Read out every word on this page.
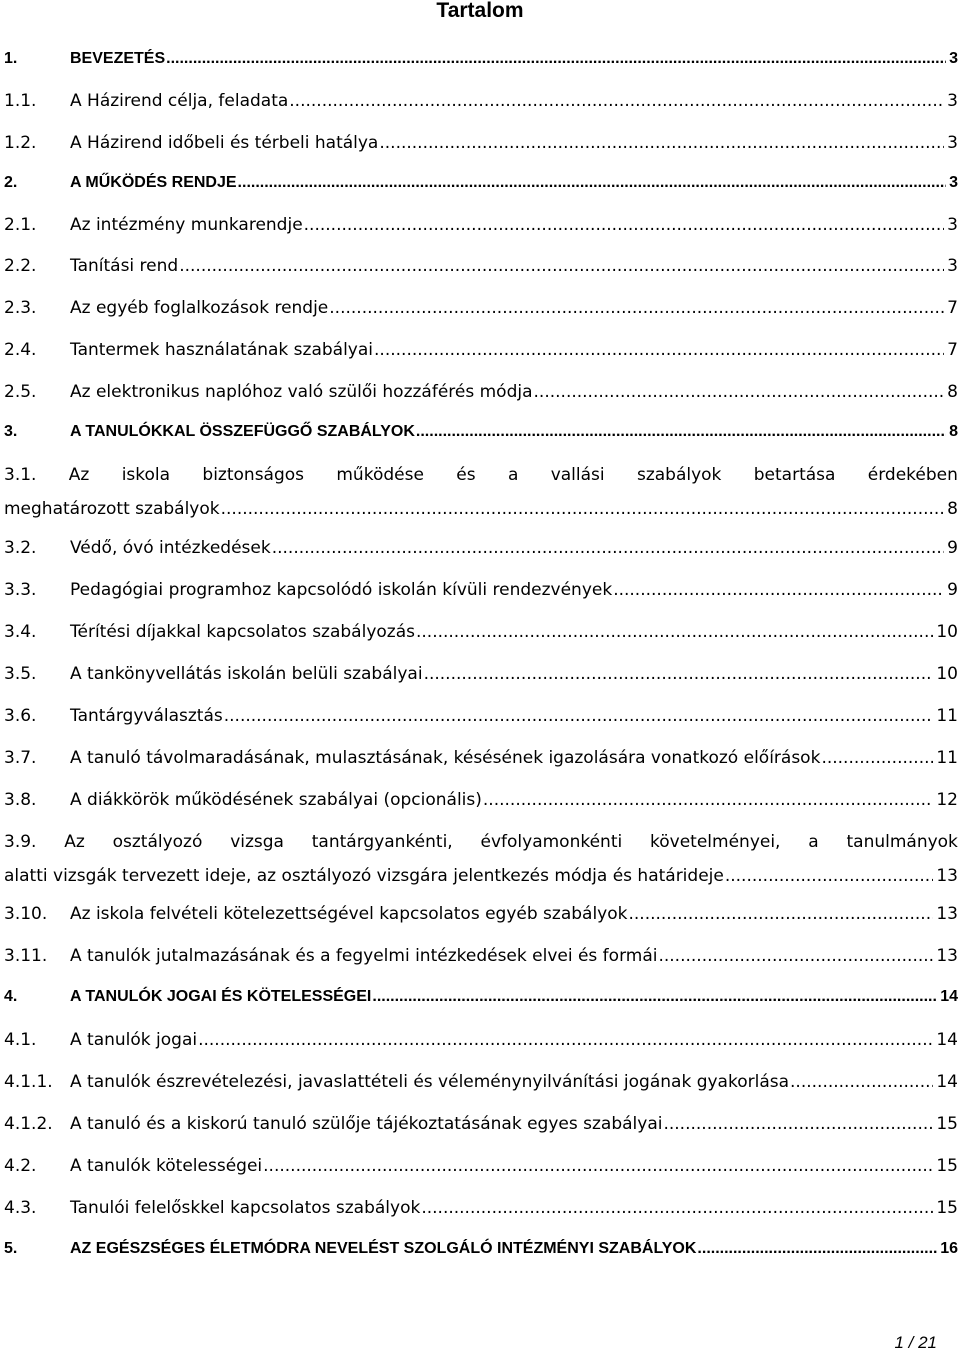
Tartalom
1.	BEVEZETÉS .....	3
1.1.	A Házirend célja, feladata .....	3
1.2.	A Házirend időbeli és térbeli hatálya .....	3
2.	A MŰKÖDÉS RENDJE .....	3
2.1.	Az intézmény munkarendje .....	3
2.2.	Tanítási rend .....	3
2.3.	Az egyéb foglalkozások rendje .....	7
2.4.	Tantermek használatának szabályai .....	7
2.5.	Az elektronikus naplóhoz való szülői hozzáférés módja .....	8
3.	A TANULÓKKAL ÖSSZEFÜGGŐ SZABÁLYOK .....	8
3.1. Az iskola biztonságos működése és a vallási szabályok betartása érdekében
meghatározott szabályok .....	8
3.2.	Védő, óvó intézkedések .....	9
3.3.	Pedagógiai programhoz kapcsolódó iskolán kívüli rendezvények .....	9
3.4.	Térítési díjakkal kapcsolatos szabályozás .....	10
3.5.	A tankönyvellátás iskolán belüli szabályai .....	10
3.6.	Tantárgyválasztás .....	11
3.7.	A tanuló távolmaradásának, mulasztásának, késésének igazolására vonatkozó előírások .....	11
3.8.	A diákkörök működésének szabályai (opcionális) .....	12
3.9. Az osztályozó vizsga tantárgyankénti, évfolyamonkénti követelményei, a tanulmányok
alatti vizsgák tervezett ideje, az osztályozó vizsgára jelentkezés módja és határideje .....	13
3.10.	Az iskola felvételi kötelezettségével kapcsolatos egyéb szabályok .....	13
3.11.	A tanulók jutalmazásának és a fegyelmi intézkedések elvei és formái .....	13
4.	A TANULÓK JOGAI ÉS KÖTELESSÉGEI .....	14
4.1.	A tanulók jogai .....	14
4.1.1.	A tanulók észrevételezési, javaslattételi és véleménynyilvánítási jogának gyakorlása .....	14
4.1.2.	A tanuló és a kiskorú tanuló szülője tájékoztatásának egyes szabályai .....	15
4.2.	A tanulók kötelességei .....	15
4.3.	Tanulói felelőskkel kapcsolatos szabályok .....	15
5.	AZ EGÉSZSÉGES ÉLETMÓDRA NEVELÉST SZOLGÁLÓ INTÉZMÉNYI SZABÁLYOK .....	16
1 / 21
